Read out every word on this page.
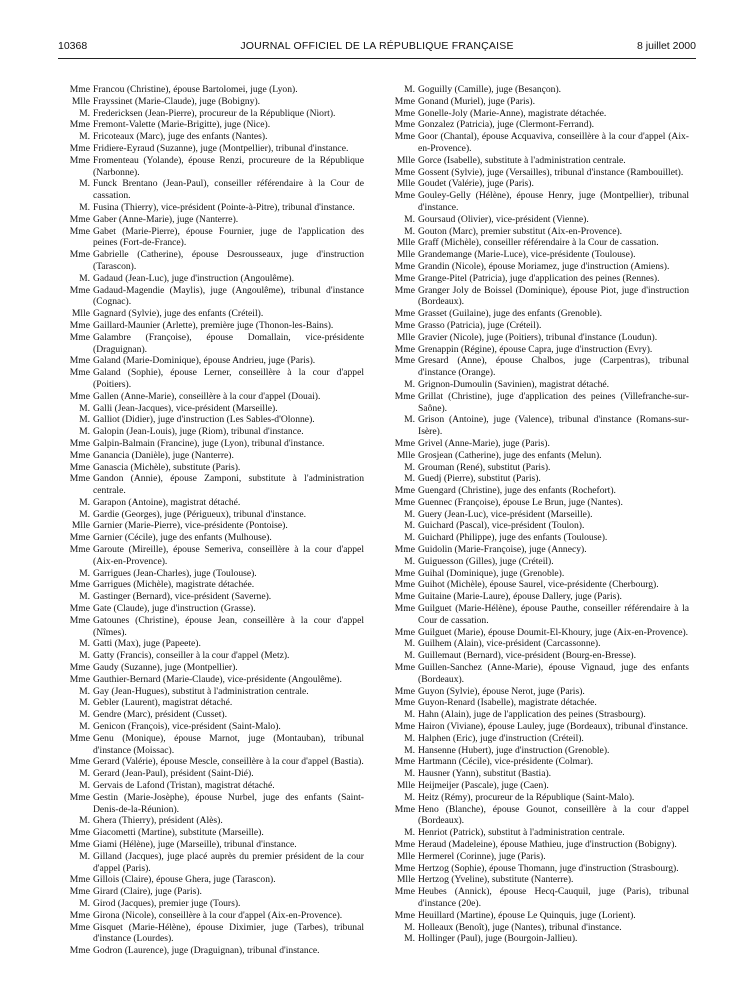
10368	JOURNAL OFFICIEL DE LA RÉPUBLIQUE FRANÇAISE	8 juillet 2000
Mme Francou (Christine), épouse Bartolomei, juge (Lyon).
Mlle Frayssinet (Marie-Claude), juge (Bobigny).
M. Fredericksen (Jean-Pierre), procureur de la République (Niort).
Mme Fremont-Valette (Marie-Brigitte), juge (Nice).
M. Fricoteaux (Marc), juge des enfants (Nantes).
Mme Fridiere-Eyraud (Suzanne), juge (Montpellier), tribunal d'instance.
Mme Fromenteau (Yolande), épouse Renzi, procureure de la République (Narbonne).
M. Funck Brentano (Jean-Paul), conseiller référendaire à la Cour de cassation.
M. Fusina (Thierry), vice-président (Pointe-à-Pitre), tribunal d'instance.
Mme Gaber (Anne-Marie), juge (Nanterre).
Mme Gabet (Marie-Pierre), épouse Fournier, juge de l'application des peines (Fort-de-France).
Mme Gabrielle (Catherine), épouse Desrousseaux, juge d'instruction (Tarascon).
M. Gadaud (Jean-Luc), juge d'instruction (Angoulême).
Mme Gadaud-Magendie (Maylis), juge (Angoulême), tribunal d'instance (Cognac).
Mlle Gagnard (Sylvie), juge des enfants (Créteil).
Mme Gaillard-Maunier (Arlette), première juge (Thonon-les-Bains).
Mme Galambre (Françoise), épouse Domallain, vice-présidente (Draguignan).
Mme Galand (Marie-Dominique), épouse Andrieu, juge (Paris).
Mme Galand (Sophie), épouse Lerner, conseillère à la cour d'appel (Poitiers).
Mme Gallen (Anne-Marie), conseillère à la cour d'appel (Douai).
M. Galli (Jean-Jacques), vice-président (Marseille).
M. Galliot (Didier), juge d'instruction (Les Sables-d'Olonne).
M. Galopin (Jean-Louis), juge (Riom), tribunal d'instance.
Mme Galpin-Balmain (Francine), juge (Lyon), tribunal d'instance.
Mme Ganancia (Danièle), juge (Nanterre).
Mme Ganascia (Michèle), substitute (Paris).
Mme Gandon (Annie), épouse Zamponi, substitute à l'administration centrale.
M. Garapon (Antoine), magistrat détaché.
M. Gardie (Georges), juge (Périgueux), tribunal d'instance.
Mlle Garnier (Marie-Pierre), vice-présidente (Pontoise).
Mme Garnier (Cécile), juge des enfants (Mulhouse).
Mme Garoute (Mireille), épouse Semeriva, conseillère à la cour d'appel (Aix-en-Provence).
M. Garrigues (Jean-Charles), juge (Toulouse).
Mme Garrigues (Michèle), magistrate détachée.
M. Gastinger (Bernard), vice-président (Saverne).
Mme Gate (Claude), juge d'instruction (Grasse).
Mme Gatounes (Christine), épouse Jean, conseillère à la cour d'appel (Nîmes).
M. Gatti (Max), juge (Papeete).
M. Gatty (Francis), conseiller à la cour d'appel (Metz).
Mme Gaudy (Suzanne), juge (Montpellier).
Mme Gauthier-Bernard (Marie-Claude), vice-présidente (Angoulême).
M. Gay (Jean-Hugues), substitut à l'administration centrale.
M. Gebler (Laurent), magistrat détaché.
M. Gendre (Marc), président (Cusset).
M. Genicon (François), vice-président (Saint-Malo).
Mme Genu (Monique), épouse Marnot, juge (Montauban), tribunal d'instance (Moissac).
Mme Gerard (Valérie), épouse Mescle, conseillère à la cour d'appel (Bastia).
M. Gerard (Jean-Paul), président (Saint-Dié).
M. Gervais de Lafond (Tristan), magistrat détaché.
Mme Gestin (Marie-Josèphe), épouse Nurbel, juge des enfants (Saint-Denis-de-la-Réunion).
M. Ghera (Thierry), président (Alès).
Mme Giacometti (Martine), substitute (Marseille).
Mme Giami (Hélène), juge (Marseille), tribunal d'instance.
M. Gilland (Jacques), juge placé auprès du premier président de la cour d'appel (Paris).
Mme Gillois (Claire), épouse Ghera, juge (Tarascon).
Mme Girard (Claire), juge (Paris).
M. Girod (Jacques), premier juge (Tours).
Mme Girona (Nicole), conseillère à la cour d'appel (Aix-en-Provence).
Mme Gisquet (Marie-Hélène), épouse Diximier, juge (Tarbes), tribunal d'instance (Lourdes).
Mme Godron (Laurence), juge (Draguignan), tribunal d'instance.
M. Goguilly (Camille), juge (Besançon).
Mme Gonand (Muriel), juge (Paris).
Mme Gonelle-Joly (Marie-Anne), magistrate détachée.
Mme Gonzalez (Patricia), juge (Clermont-Ferrand).
Mme Goor (Chantal), épouse Acquaviva, conseillère à la cour d'appel (Aix-en-Provence).
Mlle Gorce (Isabelle), substitute à l'administration centrale.
Mme Gossent (Sylvie), juge (Versailles), tribunal d'instance (Rambouillet).
Mlle Goudet (Valérie), juge (Paris).
Mme Gouley-Gelly (Hélène), épouse Henry, juge (Montpellier), tribunal d'instance.
M. Goursaud (Olivier), vice-président (Vienne).
M. Gouton (Marc), premier substitut (Aix-en-Provence).
Mlle Graff (Michèle), conseiller référendaire à la Cour de cassation.
Mlle Grandemange (Marie-Luce), vice-présidente (Toulouse).
Mme Grandin (Nicole), épouse Moriamez, juge d'instruction (Amiens).
Mme Grange-Pitel (Patricia), juge d'application des peines (Rennes).
Mme Granger Joly de Boissel (Dominique), épouse Piot, juge d'instruction (Bordeaux).
Mme Grasset (Guilaine), juge des enfants (Grenoble).
Mme Grasso (Patricia), juge (Créteil).
Mlle Gravier (Nicole), juge (Poitiers), tribunal d'instance (Loudun).
Mme Grenappin (Régine), épouse Capra, juge d'instruction (Evry).
Mme Gresard (Anne), épouse Chalbos, juge (Carpentras), tribunal d'instance (Orange).
M. Grignon-Dumoulin (Savinien), magistrat détaché.
Mme Grillat (Christine), juge d'application des peines (Villefranche-sur-Saône).
M. Grison (Antoine), juge (Valence), tribunal d'instance (Romans-sur-Isère).
Mme Grivel (Anne-Marie), juge (Paris).
Mlle Grosjean (Catherine), juge des enfants (Melun).
M. Grouman (René), substitut (Paris).
M. Guedj (Pierre), substitut (Paris).
Mme Guengard (Christine), juge des enfants (Rochefort).
Mme Guennec (Françoise), épouse Le Brun, juge (Nantes).
M. Guery (Jean-Luc), vice-président (Marseille).
M. Guichard (Pascal), vice-président (Toulon).
M. Guichard (Philippe), juge des enfants (Toulouse).
Mme Guidolin (Marie-Françoise), juge (Annecy).
M. Guiguesson (Gilles), juge (Créteil).
Mme Guihal (Dominique), juge (Grenoble).
Mme Guihot (Michèle), épouse Saurel, vice-présidente (Cherbourg).
Mme Guitaine (Marie-Laure), épouse Dallery, juge (Paris).
Mme Guilguet (Marie-Hélène), épouse Pauthe, conseiller référendaire à la Cour de cassation.
Mme Guilguet (Marie), épouse Doumit-El-Khoury, juge (Aix-en-Provence).
M. Guilhem (Alain), vice-président (Carcassonne).
M. Guillemaut (Bernard), vice-président (Bourg-en-Bresse).
Mme Guillen-Sanchez (Anne-Marie), épouse Vignaud, juge des enfants (Bordeaux).
Mme Guyon (Sylvie), épouse Nerot, juge (Paris).
Mme Guyon-Renard (Isabelle), magistrate détachée.
M. Hahn (Alain), juge de l'application des peines (Strasbourg).
Mme Hairon (Viviane), épouse Lauley, juge (Bordeaux), tribunal d'instance.
M. Halphen (Eric), juge d'instruction (Créteil).
M. Hansenne (Hubert), juge d'instruction (Grenoble).
Mme Hartmann (Cécile), vice-présidente (Colmar).
M. Hausner (Yann), substitut (Bastia).
Mlle Heijmeijer (Pascale), juge (Caen).
M. Heitz (Rémy), procureur de la République (Saint-Malo).
Mme Heno (Blanche), épouse Gounot, conseillère à la cour d'appel (Bordeaux).
M. Henriot (Patrick), substitut à l'administration centrale.
Mme Heraud (Madeleine), épouse Mathieu, juge d'instruction (Bobigny).
Mlle Hermerel (Corinne), juge (Paris).
Mme Hertzog (Sophie), épouse Thomann, juge d'instruction (Strasbourg).
Mlle Hertzog (Yveline), substitute (Nanterre).
Mme Heubes (Annick), épouse Hecq-Cauquil, juge (Paris), tribunal d'instance (20e).
Mme Heuillard (Martine), épouse Le Quinquis, juge (Lorient).
M. Holleaux (Benoît), juge (Nantes), tribunal d'instance.
M. Hollinger (Paul), juge (Bourgoin-Jallieu).
